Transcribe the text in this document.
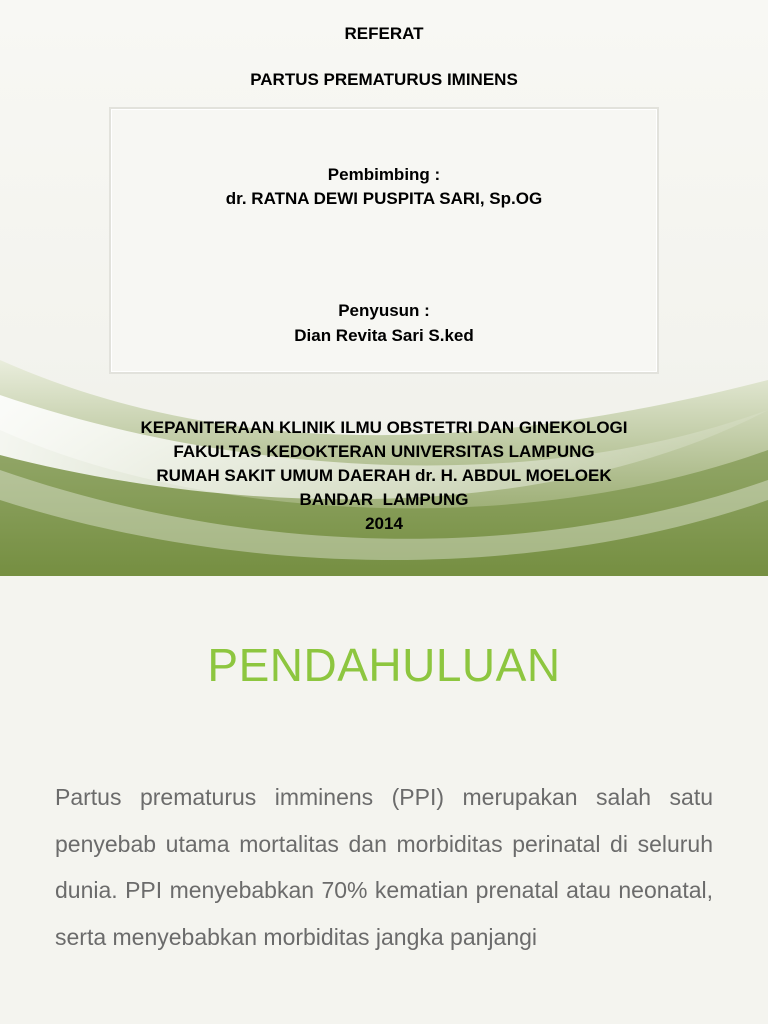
REFERAT
PARTUS PREMATURUS IMINENS
Pembimbing :
dr. RATNA DEWI PUSPITA SARI, Sp.OG
Penyusun :
Dian Revita Sari S.ked
KEPANITERAAN KLINIK ILMU OBSTETRI DAN GINEKOLOGI
FAKULTAS KEDOKTERAN UNIVERSITAS LAMPUNG
RUMAH SAKIT UMUM DAERAH dr. H. ABDUL MOELOEK
BANDAR  LAMPUNG
2014
PENDAHULUAN

Partus prematurus imminens (PPI) merupakan salah satu penyebab utama mortalitas dan morbiditas perinatal di seluruh dunia. PPI menyebabkan 70% kematian prenatal atau neonatal, serta menyebabkan morbiditas jangka panjangi
